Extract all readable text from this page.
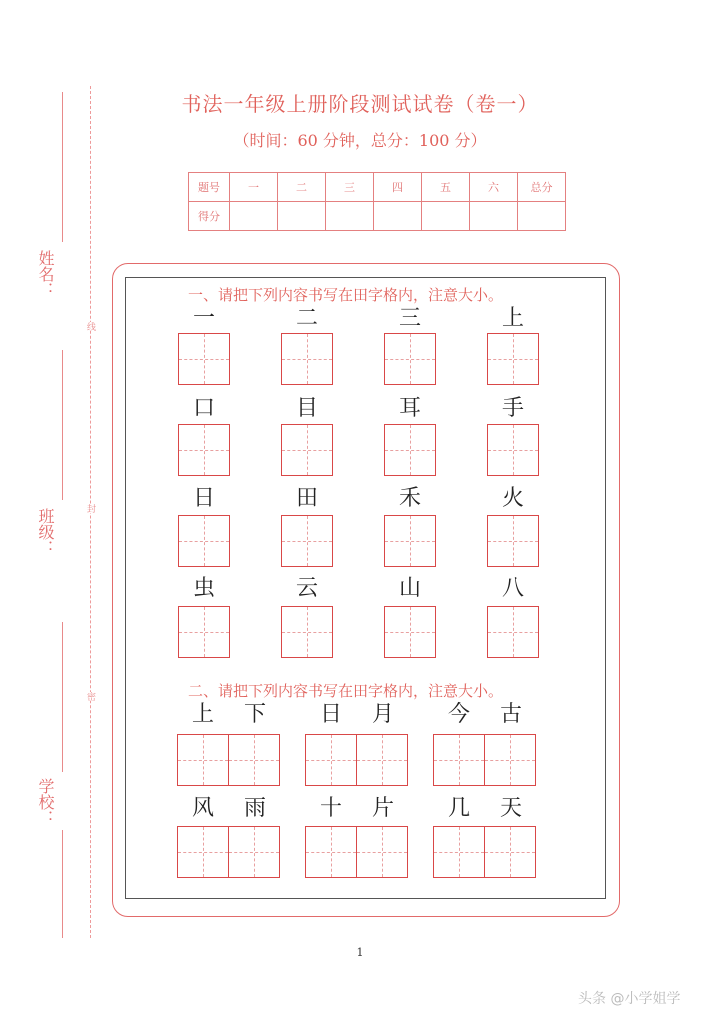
姓名：
班级：
学校：
线
封
密
书法一年级上册阶段测试试卷（卷一）
（时间：60 分钟，总分：100 分）
题号	一	二	三	四	五	六	总分
得分							
一、请把下列内容书写在田字格内，注意大小。
一	二	三	上
口	目	耳	手
日	田	禾	火
虫	云	山	八
二、请把下列内容书写在田字格内，注意大小。
上 下 日 月 今 古
风 雨 十 片 几 天
1
头条 @小学姐学
